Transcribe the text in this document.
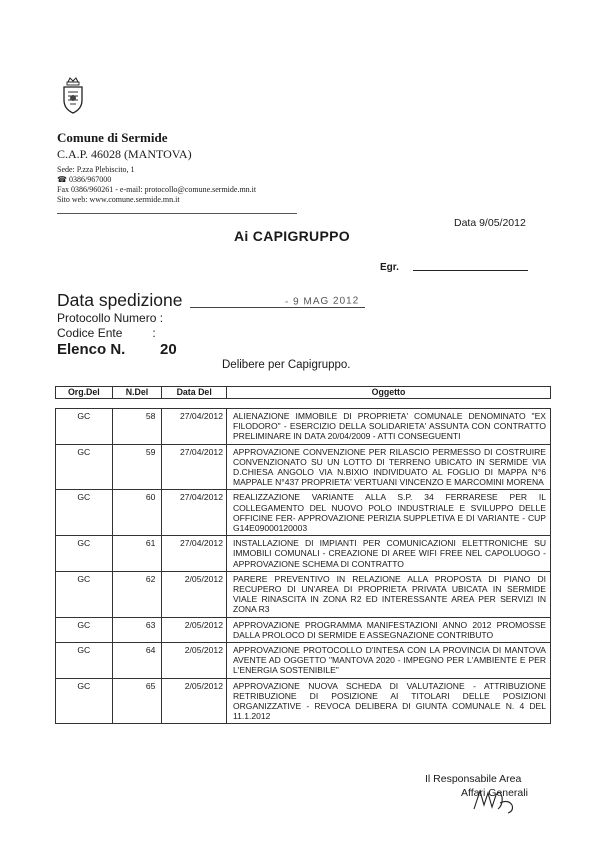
Comune di Sermide
C.A.P. 46028 (MANTOVA)
Sede: P.zza Plebiscito, 1
☎ 0386/967000
Fax 0386/960261 - e-mail: protocollo@comune.sermide.mn.it
Sito web: www.comune.sermide.mn.it
Data 9/05/2012
Ai CAPIGRUPPO
Egr.
Data spedizione	- 9 MAG 2012
Protocollo Numero :
Codice Ente         :
Elenco N. 20
Delibere per Capigruppo.
Org.Del	N.Del	Data Del	Oggetto
GC	58	27/04/2012	ALIENAZIONE IMMOBILE DI PROPRIETA' COMUNALE DENOMINATO "EX FILODORO" - ESERCIZIO DELLA SOLIDARIETA' ASSUNTA CON CONTRATTO PRELIMINARE IN DATA 20/04/2009 - ATTI CONSEGUENTI
GC	59	27/04/2012	APPROVAZIONE CONVENZIONE PER RILASCIO PERMESSO DI COSTRUIRE CONVENZIONATO SU UN LOTTO DI TERRENO UBICATO IN SERMIDE VIA D.CHIESA ANGOLO VIA N.BIXIO INDIVIDUATO AL FOGLIO DI MAPPA N°6 MAPPALE N°437 PROPRIETA' VERTUANI VINCENZO E MARCOMINI MORENA
GC	60	27/04/2012	REALIZZAZIONE VARIANTE ALLA S.P. 34 FERRARESE PER IL COLLEGAMENTO DEL NUOVO POLO INDUSTRIALE E SVILUPPO DELLE OFFICINE FER- APPROVAZIONE PERIZIA SUPPLETIVA E DI VARIANTE - CUP G14E09000120003
GC	61	27/04/2012	INSTALLAZIONE DI IMPIANTI PER COMUNICAZIONI ELETTRONICHE SU IMMOBILI COMUNALI - CREAZIONE DI AREE WIFI FREE NEL CAPOLUOGO - APPROVAZIONE SCHEMA DI CONTRATTO
GC	62	2/05/2012	PARERE PREVENTIVO IN RELAZIONE ALLA PROPOSTA DI PIANO DI RECUPERO DI UN'AREA DI PROPRIETA PRIVATA UBICATA IN SERMIDE VIALE RINASCITA IN ZONA R2 ED INTERESSANTE AREA PER SERVIZI IN ZONA R3
GC	63	2/05/2012	APPROVAZIONE PROGRAMMA MANIFESTAZIONI ANNO 2012 PROMOSSE DALLA PROLOCO DI SERMIDE E ASSEGNAZIONE CONTRIBUTO
GC	64	2/05/2012	APPROVAZIONE PROTOCOLLO D'INTESA CON LA PROVINCIA DI MANTOVA AVENTE AD OGGETTO "MANTOVA 2020 - IMPEGNO PER L'AMBIENTE E PER L'ENERGIA SOSTENIBILE"
GC	65	2/05/2012	APPROVAZIONE NUOVA SCHEDA DI VALUTAZIONE - ATTRIBUZIONE RETRIBUZIONE DI POSIZIONE AI TITOLARI DELLE POSIZIONI ORGANIZZATIVE - REVOCA DELIBERA DI GIUNTA COMUNALE N. 4 DEL 11.1.2012
Il Responsabile Area
Affari Generali
